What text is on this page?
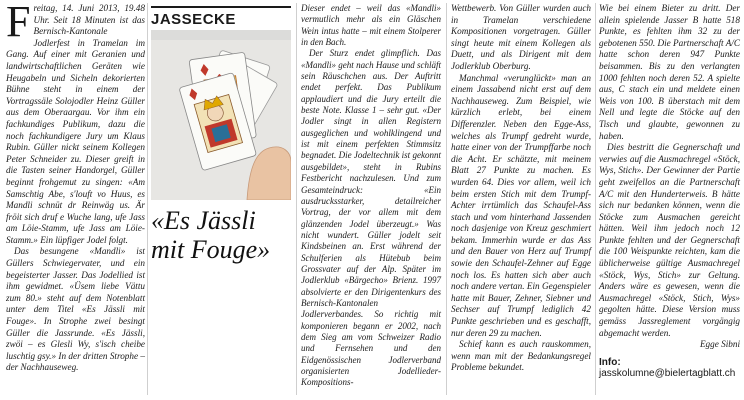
Freitag, 14. Juni 2013, 19.48 Uhr. Seit 18 Minuten ist das Bernisch-Kantonale Jodlerfest in Tramelan im Gang. Auf einer mit Geranien und landwirtschaftlichen Geräten wie Heugabeln und Sicheln dekorierten Bühne steht in einem der Vortragssäle Solojodler Heinz Güller aus dem Oberaargau. Vor ihm ein fachkundiges Publikum, dazu die noch fachkundigere Jury um Klaus Rubin. Güller nickt seinem Kollegen Peter Schneider zu. Dieser greift in die Tasten seiner Handorgel, Güller beginnt frohgemut zu singen: «Am Samschtig Abe, s'louft vo Huus, es Mandli schnüt dr Reinwäg us. Är fröit sich druf e Wuche lang, ufe Jass am Löie-Stamm, ufe Jass am Löie-Stamm.» Ein lüpfiger Jodel folgt.

Das besungene «Mandli» ist Güllers Schwiegervater, und ein begeisterter Jasser. Das Jodellied ist ihm gewidmet. «Üsem liebe Vättu zum 80.» steht auf dem Notenblatt unter dem Titel «Es Jässli mit Fouge». In Strophe zwei besingt Güller die Jassrunde. «Es Jässli, zwöi – es Glesli Wy, s'isch cheibe luschtig gsy.» In der dritten Strophe – der Nachhauseweg.

JASSECKE
«Es Jässli mit Fouge»

Dieser endet – weil das «Mandli» vermutlich mehr als ein Gläschen Wein intus hatte – mit einem Stolperer in den Bach.

Der Sturz endet glimpflich. Das «Mandli» geht nach Hause und schläft sein Räuschchen aus. Der Auftritt endet perfekt. Das Publikum applaudiert und die Jury erteilt die beste Note. Klasse 1 – sehr gut. «Der Jodler singt in allen Registern ausgeglichen und wohlklingend und ist mit einem perfekten Stimmsitz begnadet. Die Jodeltechnik ist gekonnt ausgebildet», steht in Rubins Festbericht nachzulesen. Und zum Gesamteindruck: «Ein ausdrucksstarker, detailreicher Vortrag, der vor allem mit dem glänzenden Jodel überzeugt.» Was nicht wundert. Güller jodelt seit Kindsbeinen an. Erst während der Schulferien als Hütebub beim Grossvater auf der Alp. Später im Jodlerklub «Bärgecho» Brienz. 1997 absolvierte er den Dirigentenkurs des Bernisch-Kantonalen Jodlerverbandes. So richtig mit komponieren begann er 2002, nach dem Sieg am vom Schweizer Radio und Fernsehen und den Eidgenössischen Jodlerverband organisierten Jodellieder-Kompositions-

Wettbewerb. Von Güller wurden auch in Tramelan verschiedene Kompositionen vorgetragen. Güller singt heute mit einem Kollegen als Duett, und als Dirigent mit dem Jodlerklub Oberburg.

Manchmal «verunglückt» man an einem Jassabend nicht erst auf dem Nachhauseweg. Zum Beispiel, wie kürzlich erlebt, bei einem Differenzler. Neben den Egge-Ass, welches als Trumpf gedreht wurde, hatte einer von der Trumpffarbe noch die Acht. Er schätzte, mit meinem Blatt 27 Punkte zu machen. Es wurden 64. Dies vor allem, weil ich beim ersten Stich mit dem Trumpf-Achter irrtümlich das Schaufel-Ass stach und vom hinterhand Jassenden noch dasjenige von Kreuz geschmiert bekam. Immerhin wurde er das Ass und den Bauer von Herz auf Trumpf sowie den Schaufel-Zehner auf Egge noch los. Es hatten sich aber auch noch andere vertan. Ein Gegenspieler hatte mit Bauer, Zehner, Siebner und Sechser auf Trumpf lediglich 42 Punkte geschrieben und es geschafft, nur deren 29 zu machen.

Schief kann es auch rauskommen, wenn man mit der Bedankungsregel Probleme bekundet.

Wie bei einem Bieter zu dritt. Der allein spielende Jasser B hatte 518 Punkte, es fehlten ihm 32 zu der gebotenen 550. Die Partnerschaft A/C hatte schon deren 947 Punkte beisammen. Bis zu den verlangten 1000 fehlten noch deren 52. A spielte aus, C stach ein und meldete einen Weis von 100. B überstach mit dem Nell und legte die Stöcke auf den Tisch und glaubte, gewonnen zu haben.

Dies bestritt die Gegnerschaft und verwies auf die Ausmachregel «Stöck, Wys, Stich». Der Gewinner der Partie geht zweifellos an die Partnerschaft A/C mit den Hunderterweis. B hätte sich nur bedanken können, wenn die Stöcke zum Ausmachen gereicht hätten. Weil ihm jedoch noch 12 Punkte fehlten und der Gegnerschaft die 100 Weispunkte reichten, kam die üblicherweise gültige Ausmachregel «Stöck, Wys, Stich» zur Geltung. Anders wäre es gewesen, wenn die Ausmachregel «Stöck, Stich, Wys» gegolten hätte. Diese Version muss gemäss Jassreglement vorgängig abgemacht werden.

Egge Sibni
Info:
jasskolumne@bielertagblatt.ch
